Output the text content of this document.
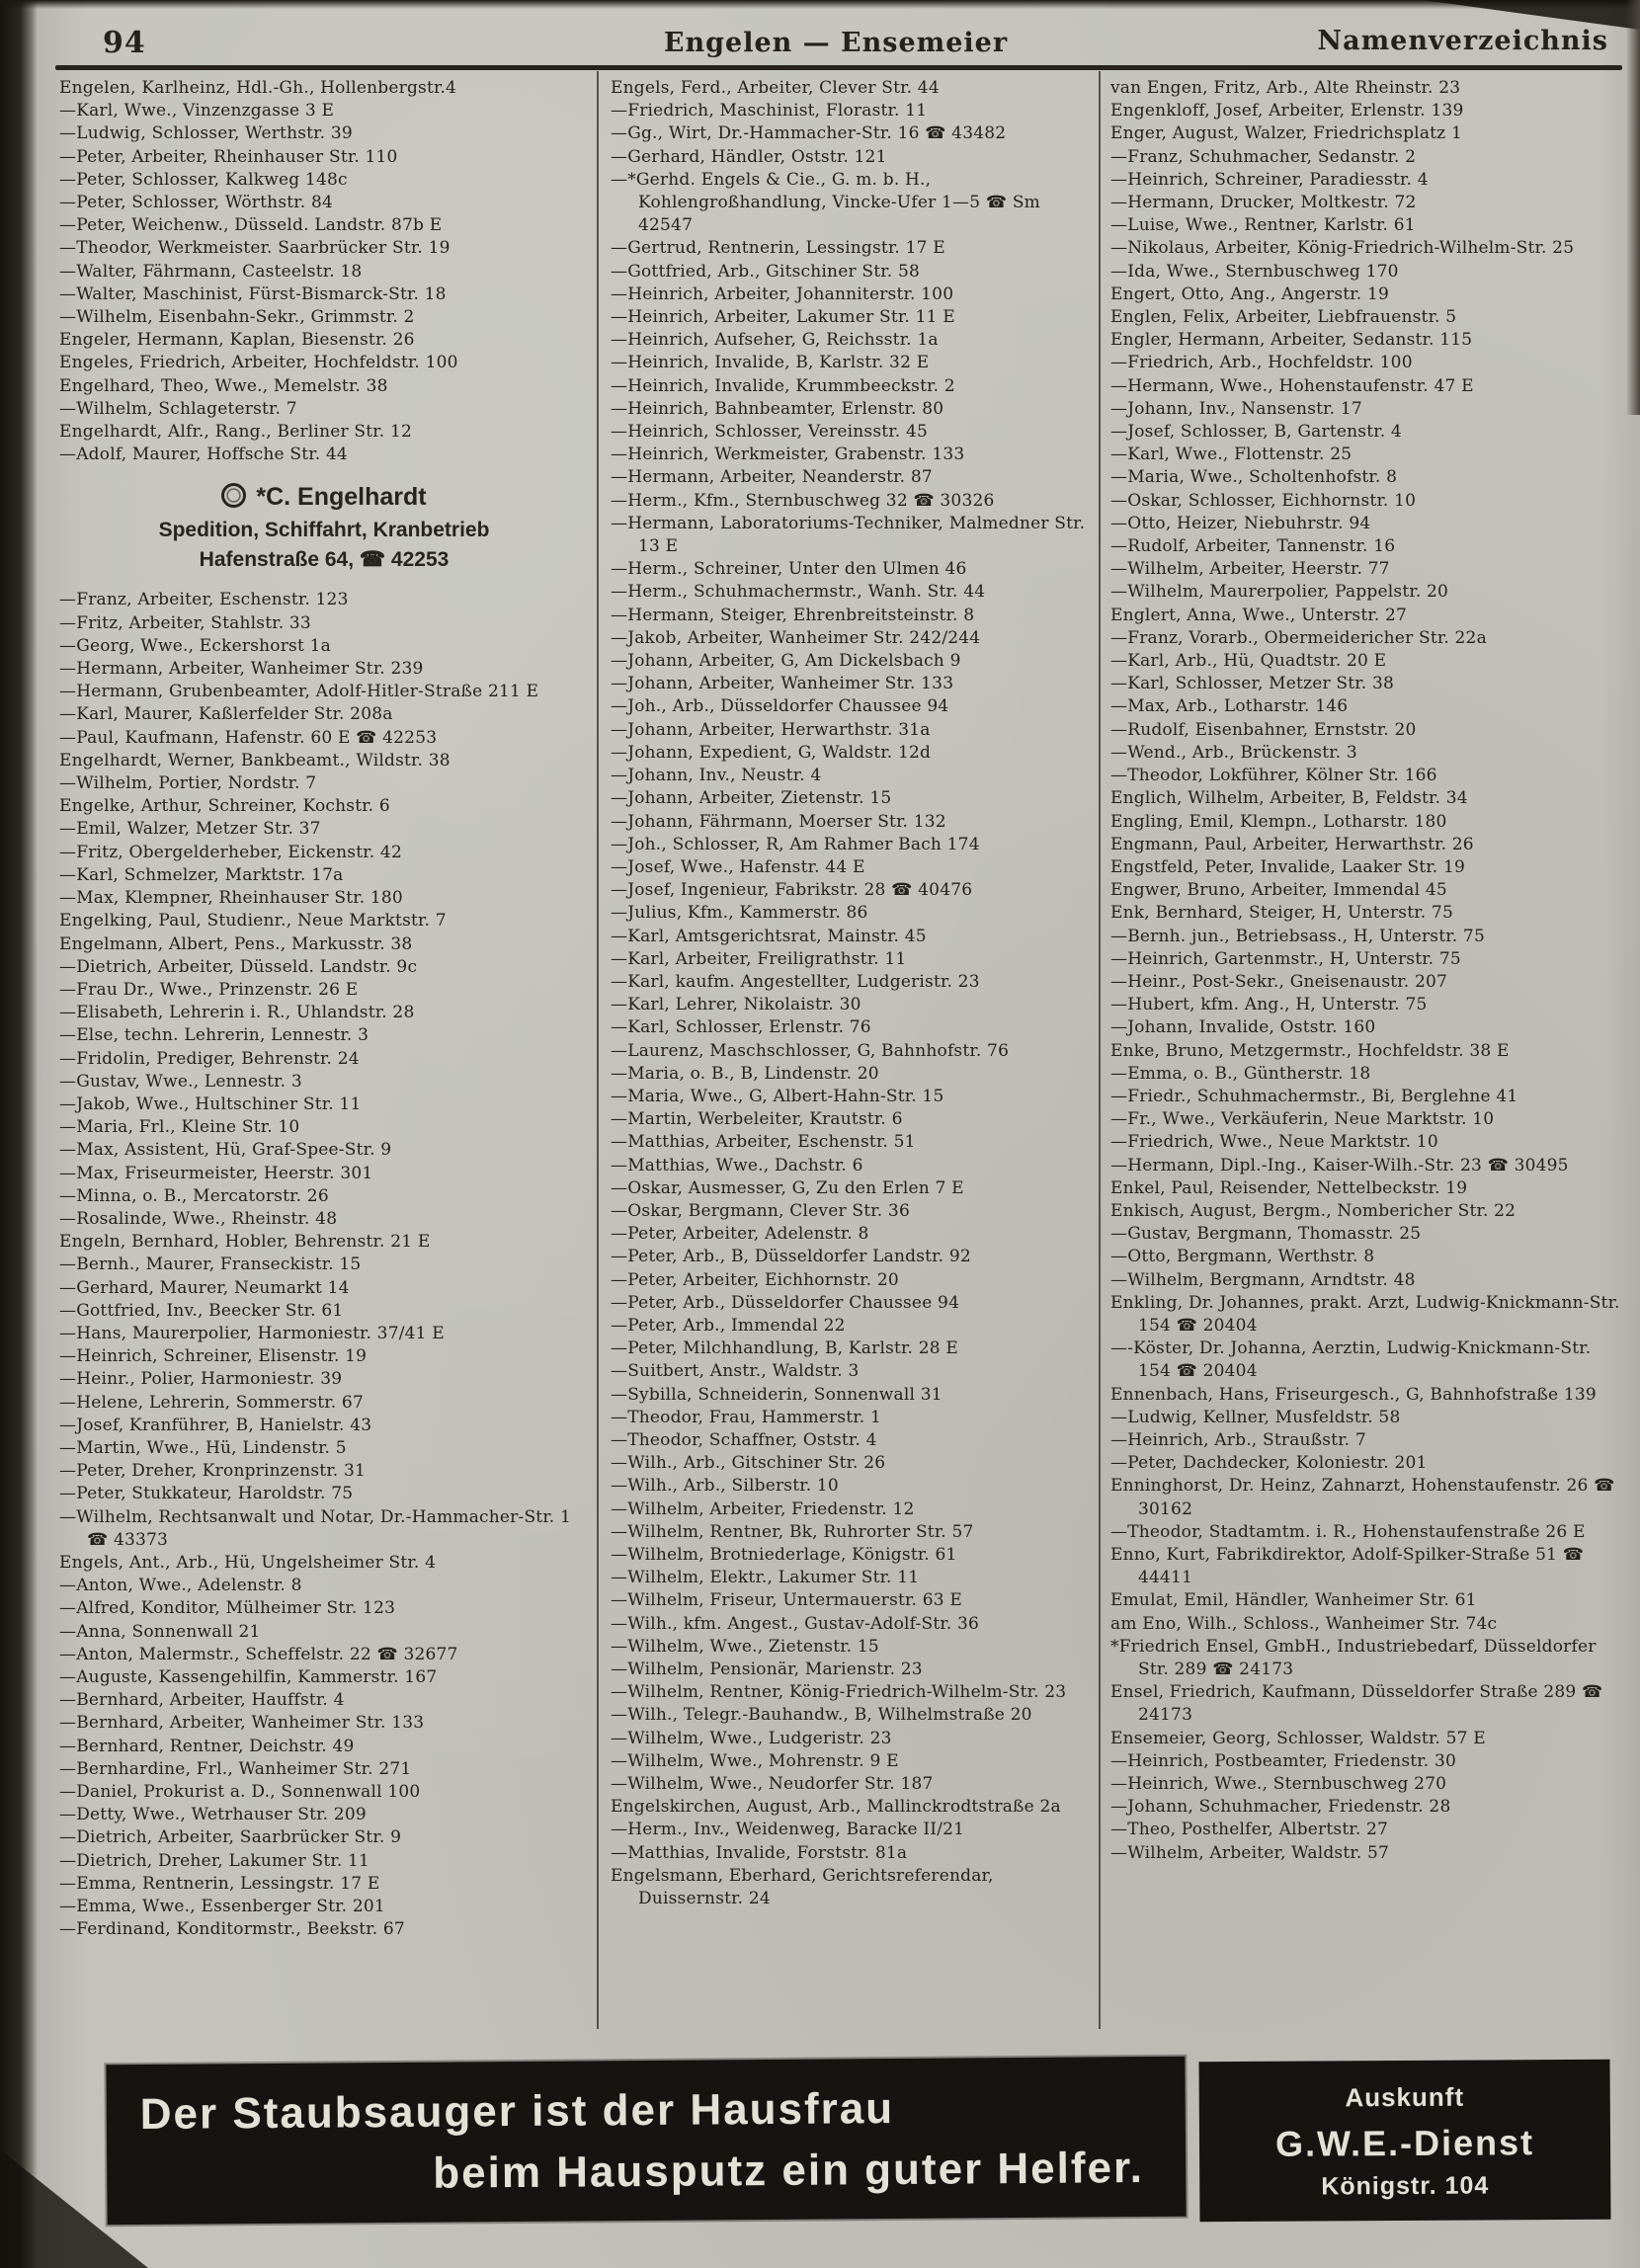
94	Engelen — Ensemeier	Namenverzeichnis

Engelen, Karlheinz, Hdl.-Gh., Hollenbergstr.4

—Karl, Wwe., Vinzenzgasse 3 E

—Ludwig, Schlosser, Werthstr. 39

—Peter, Arbeiter, Rheinhauser Str. 110

—Peter, Schlosser, Kalkweg 148c

—Peter, Schlosser, Wörthstr. 84

—Peter, Weichenw., Düsseld. Landstr. 87b E

—Theodor, Werkmeister. Saarbrücker Str. 19

—Walter, Fährmann, Casteelstr. 18

—Walter, Maschinist, Fürst-Bismarck-Str. 18

—Wilhelm, Eisenbahn-Sekr., Grimmstr. 2

Engeler, Hermann, Kaplan, Biesenstr. 26

Engeles, Friedrich, Arbeiter, Hochfeldstr. 100

Engelhard, Theo, Wwe., Memelstr. 38

—Wilhelm, Schlageterstr. 7

Engelhardt, Alfr., Rang., Berliner Str. 12

—Adolf, Maurer, Hoffsche Str. 44

*C. Engelhardt
Spedition, Schiffahrt, Kranbetrieb
Hafenstraße 64, ☎ 42253

—Franz, Arbeiter, Eschenstr. 123

—Fritz, Arbeiter, Stahlstr. 33

—Georg, Wwe., Eckershorst 1a

—Hermann, Arbeiter, Wanheimer Str. 239

—Hermann, Grubenbeamter, Adolf-Hitler-Straße 211 E

—Karl, Maurer, Kaßlerfelder Str. 208a

—Paul, Kaufmann, Hafenstr. 60 E ☎ 42253

Engelhardt, Werner, Bankbeamt., Wildstr. 38

—Wilhelm, Portier, Nordstr. 7

Engelke, Arthur, Schreiner, Kochstr. 6

—Emil, Walzer, Metzer Str. 37

—Fritz, Obergelderheber, Eickenstr. 42

—Karl, Schmelzer, Marktstr. 17a

—Max, Klempner, Rheinhauser Str. 180

Engelking, Paul, Studienr., Neue Marktstr. 7

Engelmann, Albert, Pens., Markusstr. 38

—Dietrich, Arbeiter, Düsseld. Landstr. 9c

—Frau Dr., Wwe., Prinzenstr. 26 E

—Elisabeth, Lehrerin i. R., Uhlandstr. 28

—Else, techn. Lehrerin, Lennestr. 3

—Fridolin, Prediger, Behrenstr. 24

—Gustav, Wwe., Lennestr. 3

—Jakob, Wwe., Hultschiner Str. 11

—Maria, Frl., Kleine Str. 10

—Max, Assistent, Hü, Graf-Spee-Str. 9

—Max, Friseurmeister, Heerstr. 301

—Minna, o. B., Mercatorstr. 26

—Rosalinde, Wwe., Rheinstr. 48

Engeln, Bernhard, Hobler, Behrenstr. 21 E

—Bernh., Maurer, Franseckistr. 15

—Gerhard, Maurer, Neumarkt 14

—Gottfried, Inv., Beecker Str. 61

—Hans, Maurerpolier, Harmoniestr. 37/41 E

—Heinrich, Schreiner, Elisenstr. 19

—Heinr., Polier, Harmoniestr. 39

—Helene, Lehrerin, Sommerstr. 67

—Josef, Kranführer, B, Hanielstr. 43

—Martin, Wwe., Hü, Lindenstr. 5

—Peter, Dreher, Kronprinzenstr. 31

—Peter, Stukkateur, Haroldstr. 75

—Wilhelm, Rechtsanwalt und Notar, Dr.-Hammacher-Str. 1 ☎ 43373

Engels, Ant., Arb., Hü, Ungelsheimer Str. 4

—Anton, Wwe., Adelenstr. 8

—Alfred, Konditor, Mülheimer Str. 123

—Anna, Sonnenwall 21

—Anton, Malermstr., Scheffelstr. 22 ☎ 32677

—Auguste, Kassengehilfin, Kammerstr. 167

—Bernhard, Arbeiter, Hauffstr. 4

—Bernhard, Arbeiter, Wanheimer Str. 133

—Bernhard, Rentner, Deichstr. 49

—Bernhardine, Frl., Wanheimer Str. 271

—Daniel, Prokurist a. D., Sonnenwall 100

—Detty, Wwe., Wetrhauser Str. 209

—Dietrich, Arbeiter, Saarbrücker Str. 9

—Dietrich, Dreher, Lakumer Str. 11

—Emma, Rentnerin, Lessingstr. 17 E

—Emma, Wwe., Essenberger Str. 201

—Ferdinand, Konditormstr., Beekstr. 67

Engels, Ferd., Arbeiter, Clever Str. 44

—Friedrich, Maschinist, Florastr. 11

—Gg., Wirt, Dr.-Hammacher-Str. 16 ☎ 43482

—Gerhard, Händler, Oststr. 121

—*Gerhd. Engels & Cie., G. m. b. H., Kohlengroßhandlung, Vincke-Ufer 1—5 ☎ Sm 42547

—Gertrud, Rentnerin, Lessingstr. 17 E

—Gottfried, Arb., Gitschiner Str. 58

—Heinrich, Arbeiter, Johanniterstr. 100

—Heinrich, Arbeiter, Lakumer Str. 11 E

—Heinrich, Aufseher, G, Reichsstr. 1a

—Heinrich, Invalide, B, Karlstr. 32 E

—Heinrich, Invalide, Krummbeeckstr. 2

—Heinrich, Bahnbeamter, Erlenstr. 80

—Heinrich, Schlosser, Vereinsstr. 45

—Heinrich, Werkmeister, Grabenstr. 133

—Hermann, Arbeiter, Neanderstr. 87

—Herm., Kfm., Sternbuschweg 32 ☎ 30326

—Hermann, Laboratoriums-Techniker, Malmedner Str. 13 E

—Herm., Schreiner, Unter den Ulmen 46

—Herm., Schuhmachermstr., Wanh. Str. 44

—Hermann, Steiger, Ehrenbreitsteinstr. 8

—Jakob, Arbeiter, Wanheimer Str. 242/244

—Johann, Arbeiter, G, Am Dickelsbach 9

—Johann, Arbeiter, Wanheimer Str. 133

—Joh., Arb., Düsseldorfer Chaussee 94

—Johann, Arbeiter, Herwarthstr. 31a

—Johann, Expedient, G, Waldstr. 12d

—Johann, Inv., Neustr. 4

—Johann, Arbeiter, Zietenstr. 15

—Johann, Fährmann, Moerser Str. 132

—Joh., Schlosser, R, Am Rahmer Bach 174

—Josef, Wwe., Hafenstr. 44 E

—Josef, Ingenieur, Fabrikstr. 28 ☎ 40476

—Julius, Kfm., Kammerstr. 86

—Karl, Amtsgerichtsrat, Mainstr. 45

—Karl, Arbeiter, Freiligrathstr. 11

—Karl, kaufm. Angestellter, Ludgeristr. 23

—Karl, Lehrer, Nikolaistr. 30

—Karl, Schlosser, Erlenstr. 76

—Laurenz, Maschschlosser, G, Bahnhofstr. 76

—Maria, o. B., B, Lindenstr. 20

—Maria, Wwe., G, Albert-Hahn-Str. 15

—Martin, Werbeleiter, Krautstr. 6

—Matthias, Arbeiter, Eschenstr. 51

—Matthias, Wwe., Dachstr. 6

—Oskar, Ausmesser, G, Zu den Erlen 7 E

—Oskar, Bergmann, Clever Str. 36

—Peter, Arbeiter, Adelenstr. 8

—Peter, Arb., B, Düsseldorfer Landstr. 92

—Peter, Arbeiter, Eichhornstr. 20

—Peter, Arb., Düsseldorfer Chaussee 94

—Peter, Arb., Immendal 22

—Peter, Milchhandlung, B, Karlstr. 28 E

—Suitbert, Anstr., Waldstr. 3

—Sybilla, Schneiderin, Sonnenwall 31

—Theodor, Frau, Hammerstr. 1

—Theodor, Schaffner, Oststr. 4

—Wilh., Arb., Gitschiner Str. 26

—Wilh., Arb., Silberstr. 10

—Wilhelm, Arbeiter, Friedenstr. 12

—Wilhelm, Rentner, Bk, Ruhrorter Str. 57

—Wilhelm, Brotniederlage, Königstr. 61

—Wilhelm, Elektr., Lakumer Str. 11

—Wilhelm, Friseur, Untermauerstr. 63 E

—Wilh., kfm. Angest., Gustav-Adolf-Str. 36

—Wilhelm, Wwe., Zietenstr. 15

—Wilhelm, Pensionär, Marienstr. 23

—Wilhelm, Rentner, König-Friedrich-Wilhelm-Str. 23

—Wilh., Telegr.-Bauhandw., B, Wilhelmstraße 20

—Wilhelm, Wwe., Ludgeristr. 23

—Wilhelm, Wwe., Mohrenstr. 9 E

—Wilhelm, Wwe., Neudorfer Str. 187

Engelskirchen, August, Arb., Mallinckrodtstraße 2a

—Herm., Inv., Weidenweg, Baracke II/21

—Matthias, Invalide, Forststr. 81a

Engelsmann, Eberhard, Gerichtsreferendar, Duissernstr. 24

van Engen, Fritz, Arb., Alte Rheinstr. 23

Engenkloff, Josef, Arbeiter, Erlenstr. 139

Enger, August, Walzer, Friedrichsplatz 1

—Franz, Schuhmacher, Sedanstr. 2

—Heinrich, Schreiner, Paradiesstr. 4

—Hermann, Drucker, Moltkestr. 72

—Luise, Wwe., Rentner, Karlstr. 61

—Nikolaus, Arbeiter, König-Friedrich-Wilhelm-Str. 25

—Ida, Wwe., Sternbuschweg 170

Engert, Otto, Ang., Angerstr. 19

Englen, Felix, Arbeiter, Liebfrauenstr. 5

Engler, Hermann, Arbeiter, Sedanstr. 115

—Friedrich, Arb., Hochfeldstr. 100

—Hermann, Wwe., Hohenstaufenstr. 47 E

—Johann, Inv., Nansenstr. 17

—Josef, Schlosser, B, Gartenstr. 4

—Karl, Wwe., Flottenstr. 25

—Maria, Wwe., Scholtenhofstr. 8

—Oskar, Schlosser, Eichhornstr. 10

—Otto, Heizer, Niebuhrstr. 94

—Rudolf, Arbeiter, Tannenstr. 16

—Wilhelm, Arbeiter, Heerstr. 77

—Wilhelm, Maurerpolier, Pappelstr. 20

Englert, Anna, Wwe., Unterstr. 27

—Franz, Vorarb., Obermeidericher Str. 22a

—Karl, Arb., Hü, Quadtstr. 20 E

—Karl, Schlosser, Metzer Str. 38

—Max, Arb., Lotharstr. 146

—Rudolf, Eisenbahner, Ernststr. 20

—Wend., Arb., Brückenstr. 3

—Theodor, Lokführer, Kölner Str. 166

Englich, Wilhelm, Arbeiter, B, Feldstr. 34

Engling, Emil, Klempn., Lotharstr. 180

Engmann, Paul, Arbeiter, Herwarthstr. 26

Engstfeld, Peter, Invalide, Laaker Str. 19

Engwer, Bruno, Arbeiter, Immendal 45

Enk, Bernhard, Steiger, H, Unterstr. 75

—Bernh. jun., Betriebsass., H, Unterstr. 75

—Heinrich, Gartenmstr., H, Unterstr. 75

—Heinr., Post-Sekr., Gneisenaustr. 207

—Hubert, kfm. Ang., H, Unterstr. 75

—Johann, Invalide, Oststr. 160

Enke, Bruno, Metzgermstr., Hochfeldstr. 38 E

—Emma, o. B., Güntherstr. 18

—Friedr., Schuhmachermstr., Bi, Berglehne 41

—Fr., Wwe., Verkäuferin, Neue Marktstr. 10

—Friedrich, Wwe., Neue Marktstr. 10

—Hermann, Dipl.-Ing., Kaiser-Wilh.-Str. 23 ☎ 30495

Enkel, Paul, Reisender, Nettelbeckstr. 19

Enkisch, August, Bergm., Nombericher Str. 22

—Gustav, Bergmann, Thomasstr. 25

—Otto, Bergmann, Werthstr. 8

—Wilhelm, Bergmann, Arndtstr. 48

Enkling, Dr. Johannes, prakt. Arzt, Ludwig-Knickmann-Str. 154 ☎ 20404

—-Köster, Dr. Johanna, Aerztin, Ludwig-Knickmann-Str. 154 ☎ 20404

Ennenbach, Hans, Friseurgesch., G, Bahnhofstraße 139

—Ludwig, Kellner, Musfeldstr. 58

—Heinrich, Arb., Straußstr. 7

—Peter, Dachdecker, Koloniestr. 201

Enninghorst, Dr. Heinz, Zahnarzt, Hohenstaufenstr. 26 ☎ 30162

—Theodor, Stadtamtm. i. R., Hohenstaufenstraße 26 E

Enno, Kurt, Fabrikdirektor, Adolf-Spilker-Straße 51 ☎ 44411

Emulat, Emil, Händler, Wanheimer Str. 61

am Eno, Wilh., Schloss., Wanheimer Str. 74c

*Friedrich Ensel, GmbH., Industriebedarf, Düsseldorfer Str. 289 ☎ 24173

Ensel, Friedrich, Kaufmann, Düsseldorfer Straße 289 ☎ 24173

Ensemeier, Georg, Schlosser, Waldstr. 57 E

—Heinrich, Postbeamter, Friedenstr. 30

—Heinrich, Wwe., Sternbuschweg 270

—Johann, Schuhmacher, Friedenstr. 28

—Theo, Posthelfer, Albertstr. 27

—Wilhelm, Arbeiter, Waldstr. 57

Der Staubsauger ist der Hausfrau
beim Hausputz ein guter Helfer.
Auskunft
G.W.E.-Dienst
Königstr. 104
